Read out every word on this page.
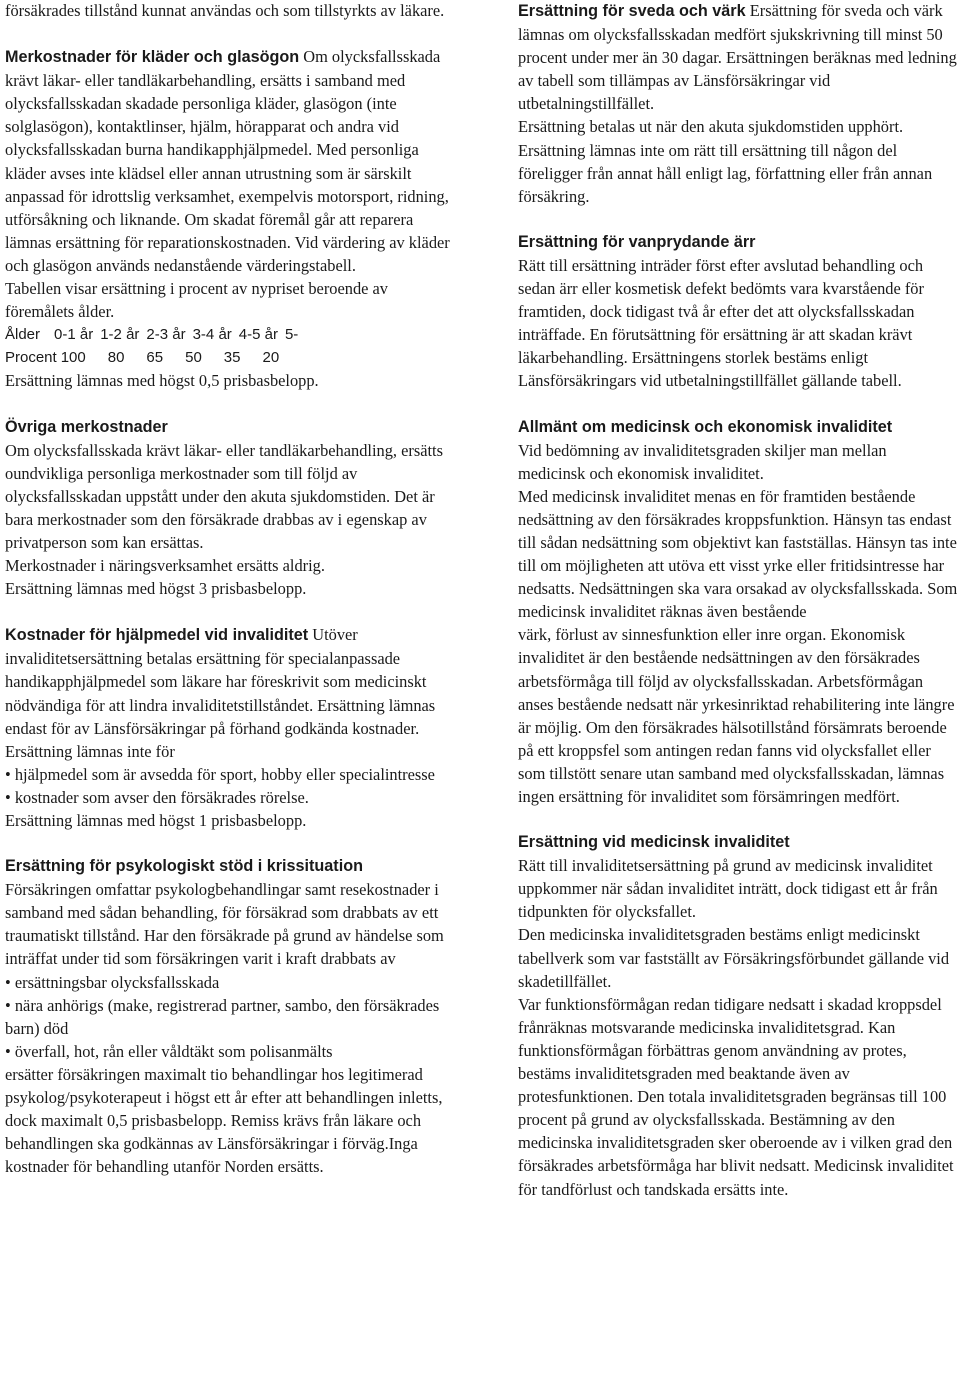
försäkrades tillstånd kunnat användas och som tillstyrkts av läkare.

Merkostnader för kläder och glasögon Om olycksfallsskada krävt läkar- eller tandläkarbehandling, ersätts i samband med olycksfallsskadan skadade personliga kläder, glasögon (inte solglasögon), kontaktlinser, hjälm, hörapparat och andra vid olycksfallsskadan burna handikapphjälpmedel. Med personliga kläder avses inte klädsel eller annan utrustning som är särskilt anpassad för idrottslig verksamhet, exempelvis motorsport, ridning, utförsåkning och liknande. Om skadat föremål går att reparera lämnas ersättning för reparationskostnaden. Vid värdering av kläder och glasögon används nedanstående värderingstabell.

Tabellen visar ersättning i procent av nypriset beroende av föremålets ålder.

Ålder 0-1 år 1-2 år 2-3 år 3-4 år 4-5 år 5-

Procent 100 80 65 50 35 20

Ersättning lämnas med högst 0,5 prisbasbelopp.

Övriga merkostnader

Om olycksfallsskada krävt läkar- eller tandläkarbehandling, ersätts oundvikliga personliga merkostnader som till följd av olycksfallsskadan uppstått under den akuta sjukdomstiden. Det är bara merkostnader som den försäkrade drabbas av i egenskap av privatperson som kan ersättas.

Merkostnader i näringsverksamhet ersätts aldrig.

Ersättning lämnas med högst 3 prisbasbelopp.

Kostnader för hjälpmedel vid invaliditet Utöver invaliditetsersättning betalas ersättning för specialanpassade handikapphjälpmedel som läkare har föreskrivit som medicinskt nödvändiga för att lindra invaliditetstillståndet. Ersättning lämnas endast för av Länsförsäkringar på förhand godkända kostnader.

Ersättning lämnas inte för

• hjälpmedel som är avsedda för sport, hobby eller specialintresse

• kostnader som avser den försäkrades rörelse.

Ersättning lämnas med högst 1 prisbasbelopp.

Ersättning för psykologiskt stöd i krissituation

Försäkringen omfattar psykologbehandlingar samt resekostnader i samband med sådan behandling, för försäkrad som drabbats av ett traumatiskt tillstånd. Har den försäkrade på grund av händelse som inträffat under tid som försäkringen varit i kraft drabbats av

• ersättningsbar olycksfallsskada

• nära anhörigs (make, registrerad partner, sambo, den försäkrades barn) död

• överfall, hot, rån eller våldtäkt som polisanmälts

ersätter försäkringen maximalt tio behandlingar hos legitimerad psykolog/psykoterapeut i högst ett år efter att behandlingen inletts, dock maximalt 0,5 prisbasbelopp. Remiss krävs från läkare och behandlingen ska godkännas av Länsförsäkringar i förväg.Inga kostnader för behandling utanför Norden ersätts.

Ersättning för sveda och värk Ersättning för sveda och värk lämnas om olycksfallsskadan medfört sjukskrivning till minst 50 procent under mer än 30 dagar. Ersättningen beräknas med ledning av tabell som tillämpas av Länsförsäkringar vid utbetalningstillfället.

Ersättning betalas ut när den akuta sjukdomstiden upphört. Ersättning lämnas inte om rätt till ersättning till någon del föreligger från annat håll enligt lag, författning eller från annan försäkring.

Ersättning för vanprydande ärr

Rätt till ersättning inträder först efter avslutad behandling och sedan ärr eller kosmetisk defekt bedömts vara kvarstående för framtiden, dock tidigast två år efter det att olycksfallsskadan inträffade. En förutsättning för ersättning är att skadan krävt läkarbehandling. Ersättningens storlek bestäms enligt Länsförsäkringars vid utbetalningstillfället gällande tabell.

Allmänt om medicinsk och ekonomisk invaliditet

Vid bedömning av invaliditetsgraden skiljer man mellan medicinsk och ekonomisk invaliditet.

Med medicinsk invaliditet menas en för framtiden bestående nedsättning av den försäkrades kroppsfunktion. Hänsyn tas endast till sådan nedsättning som objektivt kan fastställas. Hänsyn tas inte till om möjligheten att utöva ett visst yrke eller fritidsintresse har nedsatts. Nedsättningen ska vara orsakad av olycksfallsskada. Som medicinsk invaliditet räknas även bestående

värk, förlust av sinnesfunktion eller inre organ. Ekonomisk invaliditet är den bestående nedsättningen av den försäkrades arbetsförmåga till följd av olycksfallsskadan. Arbetsförmågan anses bestående nedsatt när yrkesinriktad rehabilitering inte längre är möjlig. Om den försäkrades hälsotillstånd försämrats beroende på ett kroppsfel som antingen redan fanns vid olycksfallet eller som tillstött senare utan samband med olycksfallsskadan, lämnas ingen ersättning för invaliditet som försämringen medfört.

Ersättning vid medicinsk invaliditet

Rätt till invaliditetsersättning på grund av medicinsk invaliditet uppkommer när sådan invaliditet inträtt, dock tidigast ett år från tidpunkten för olycksfallet.

Den medicinska invaliditetsgraden bestäms enligt medicinskt tabellverk som var fastställt av Försäkringsförbundet gällande vid skadetillfället.

Var funktionsförmågan redan tidigare nedsatt i skadad kroppsdel frånräknas motsvarande medicinska invaliditetsgrad. Kan funktionsförmågan förbättras genom användning av protes, bestäms invaliditetsgraden med beaktande även av protesfunktionen. Den totala invaliditetsgraden begränsas till 100 procent på grund av olycksfallsskada. Bestämning av den medicinska invaliditetsgraden sker oberoende av i vilken grad den försäkrades arbetsförmåga har blivit nedsatt. Medicinsk invaliditet för tandförlust och tandskada ersätts inte.
